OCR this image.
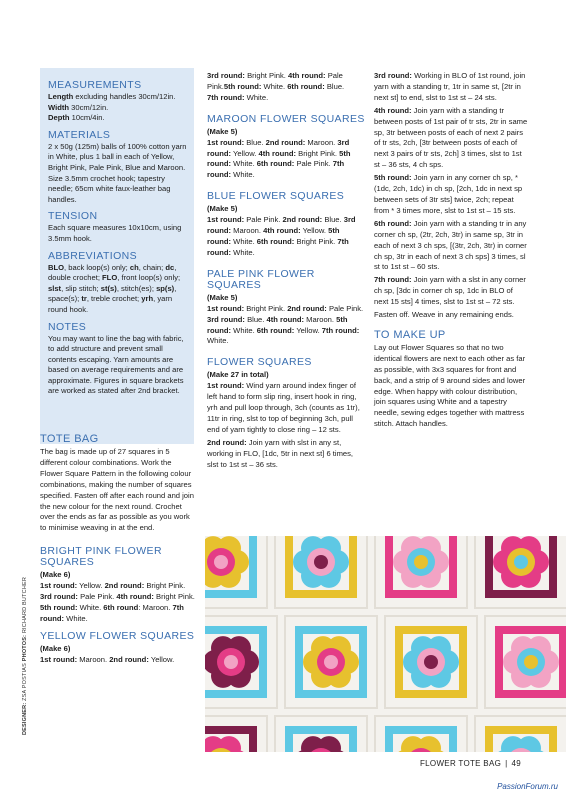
MEASUREMENTS
Length excluding handles 30cm/12in.
Width 30cm/12in.
Depth 10cm/4in.
MATERIALS
2 x 50g (125m) balls of 100% cotton yarn in White, plus 1 ball in each of Yellow, Bright Pink, Pale Pink, Blue and Maroon. Size 3.5mm crochet hook; tapestry needle; 65cm white faux-leather bag handles.
TENSION
Each square measures 10x10cm, using 3.5mm hook.
ABBREVIATIONS
BLO, back loop(s) only; ch, chain; dc, double crochet; FLO, front loop(s) only; slst, slip stitch; st(s), stitch(es); sp(s), space(s); tr, treble crochet; yrh, yarn round hook.
NOTES
You may want to line the bag with fabric, to add structure and prevent small contents escaping. Yarn amounts are based on average requirements and are approximate. Figures in square brackets are worked as stated after 2nd bracket.
TOTE BAG

The bag is made up of 27 squares in 5 different colour combinations. Work the Flower Square Pattern in the following colour combinations, making the number of squares specified. Fasten off after each round and join the new colour for the next round. Crochet over the ends as far as possible as you work to minimise weaving in at the end.

BRIGHT PINK FLOWER SQUARES
(Make 6)

1st round: Yellow. 2nd round: Bright Pink. 3rd round: Pale Pink. 4th round: Bright Pink. 5th round: White. 6th round: Maroon. 7th round: White.

YELLOW FLOWER SQUARES
(Make 6)

1st round: Maroon. 2nd round: Yellow.

3rd round: Bright Pink. 4th round: Pale Pink.5th round: White. 6th round: Blue.
7th round: White.

MAROON FLOWER SQUARES
(Make 5)

1st round: Blue. 2nd round: Maroon. 3rd round: Yellow. 4th round: Bright Pink. 5th round: White. 6th round: Pale Pink. 7th round: White.

BLUE FLOWER SQUARES
(Make 5)

1st round: Pale Pink. 2nd round: Blue. 3rd round: Maroon. 4th round: Yellow. 5th round: White. 6th round: Bright Pink. 7th round: White.

PALE PINK FLOWER SQUARES
(Make 5)

1st round: Bright Pink. 2nd round: Pale Pink. 3rd round: Blue. 4th round: Maroon. 5th round: White. 6th round: Yellow. 7th round: White.

FLOWER SQUARES
(Make 27 in total)

1st round: Wind yarn around index finger of left hand to form slip ring, insert hook in ring, yrh and pull loop through, 3ch (counts as 1tr), 11tr in ring, slst to top of beginning 3ch, pull end of yarn tightly to close ring – 12 sts.

2nd round: Join yarn with slst in any st, working in FLO, [1dc, 5tr in next st] 6 times, slst to 1st st – 36 sts.

3rd round: Working in BLO of 1st round, join yarn with a standing tr, 1tr in same st, [2tr in next st] to end, slst to 1st st – 24 sts.

4th round: Join yarn with a standing tr between posts of 1st pair of tr sts, 2tr in same sp, 3tr between posts of each of next 2 pairs of tr sts, 2ch, [3tr between posts of each of next 3 pairs of tr sts, 2ch] 3 times, slst to 1st st – 36 sts, 4 ch sps.

5th round: Join yarn in any corner ch sp, * (1dc, 2ch, 1dc) in ch sp, [2ch, 1dc in next sp between sets of 3tr sts] twice, 2ch; repeat from * 3 times more, slst to 1st st – 15 sts.

6th round: Join yarn with a standing tr in any corner ch sp, (2tr, 2ch, 3tr) in same sp, 3tr in each of next 3 ch sps, [(3tr, 2ch, 3tr) in corner ch sp, 3tr in each of next 3 ch sps] 3 times, sl st to 1st st – 60 sts.

7th round: Join yarn with a slst in any corner ch sp, [3dc in corner ch sp, 1dc in BLO of next 15 sts] 4 times, slst to 1st st – 72 sts.

Fasten off. Weave in any remaining ends.

TO MAKE UP

Lay out Flower Squares so that no two identical flowers are next to each other as far as possible, with 3x3 squares for front and back, and a strip of 9 around sides and lower edge. When happy with colour distribution, join squares using White and a tapestry needle, sewing edges together with mattress stitch. Attach handles.

DESIGNER: ZSA POSTIAS PHOTOS: RICHARD BUTCHER
FLOWER TOTE BAG | 49
PassionForum.ru
